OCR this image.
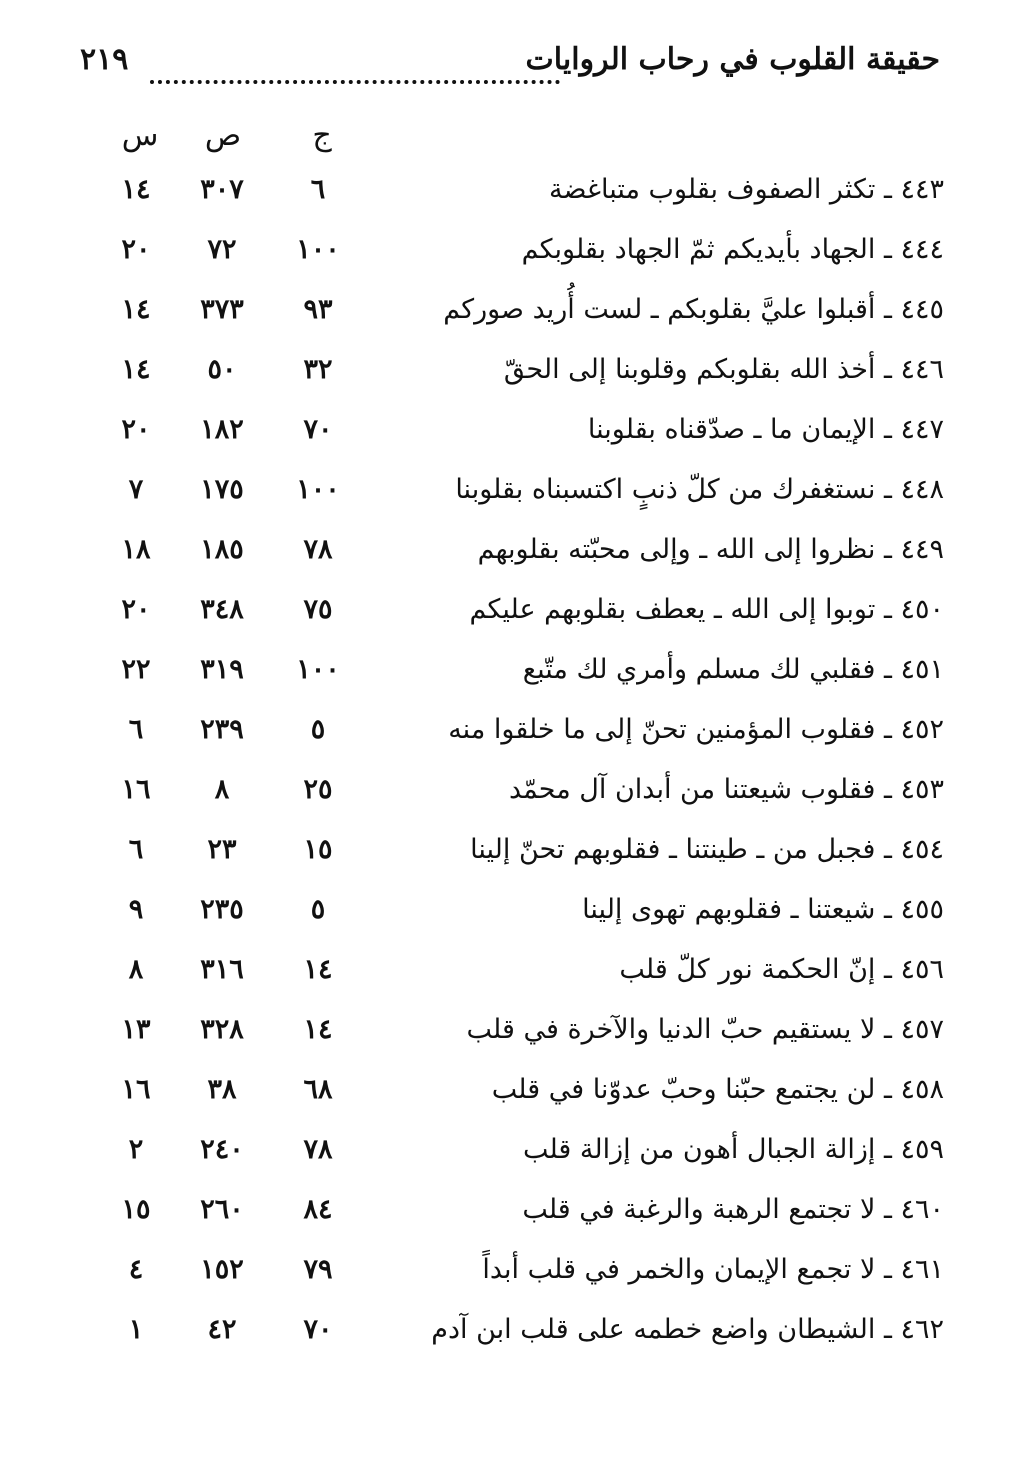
حقيقة القلوب في رحاب الروايات
٢١٩
ج
ص
س
٤٤٣ ـ تكثر الصفوف بقلوب متباغضة
٦
٣٠٧
١٤
٤٤٤ ـ الجهاد بأيديكم ثمّ الجهاد بقلوبكم
١٠٠
٧٢
٢٠
٤٤٥ ـ أقبلوا عليَّ بقلوبكم ـ لست أُريد صوركم
٩٣
٣٧٣
١٤
٤٤٦ ـ أخذ الله بقلوبكم وقلوبنا إلى الحقّ
٣٢
٥٠
١٤
٤٤٧ ـ الإيمان ما ـ صدّقناه بقلوبنا
٧٠
١٨٢
٢٠
٤٤٨ ـ نستغفرك من كلّ ذنبٍ اكتسبناه بقلوبنا
١٠٠
١٧٥
٧
٤٤٩ ـ نظروا إلى الله ـ وإلى محبّته بقلوبهم
٧٨
١٨٥
١٨
٤٥٠ ـ توبوا إلى الله ـ يعطف بقلوبهم عليكم
٧٥
٣٤٨
٢٠
٤٥١ ـ فقلبي لك مسلم وأمري لك متّبع
١٠٠
٣١٩
٢٢
٤٥٢ ـ فقلوب المؤمنين تحنّ إلى ما خلقوا منه
٥
٢٣٩
٦
٤٥٣ ـ فقلوب شيعتنا من أبدان آل محمّد
٢٥
٨
١٦
٤٥٤ ـ فجبل من ـ طينتنا ـ فقلوبهم تحنّ إلينا
١٥
٢٣
٦
٤٥٥ ـ شيعتنا ـ فقلوبهم تهوى إلينا
٥
٢٣٥
٩
٤٥٦ ـ إنّ الحكمة نور كلّ قلب
١٤
٣١٦
٨
٤٥٧ ـ لا يستقيم حبّ الدنيا والآخرة في قلب
١٤
٣٢٨
١٣
٤٥٨ ـ لن يجتمع حبّنا وحبّ عدوّنا في قلب
٦٨
٣٨
١٦
٤٥٩ ـ إزالة الجبال أهون من إزالة قلب
٧٨
٢٤٠
٢
٤٦٠ ـ لا تجتمع الرهبة والرغبة في قلب
٨٤
٢٦٠
١٥
٤٦١ ـ لا تجمع الإيمان والخمر في قلب أبداً
٧٩
١٥٢
٤
٤٦٢ ـ الشيطان واضع خطمه على قلب ابن آدم
٧٠
٤٢
١
